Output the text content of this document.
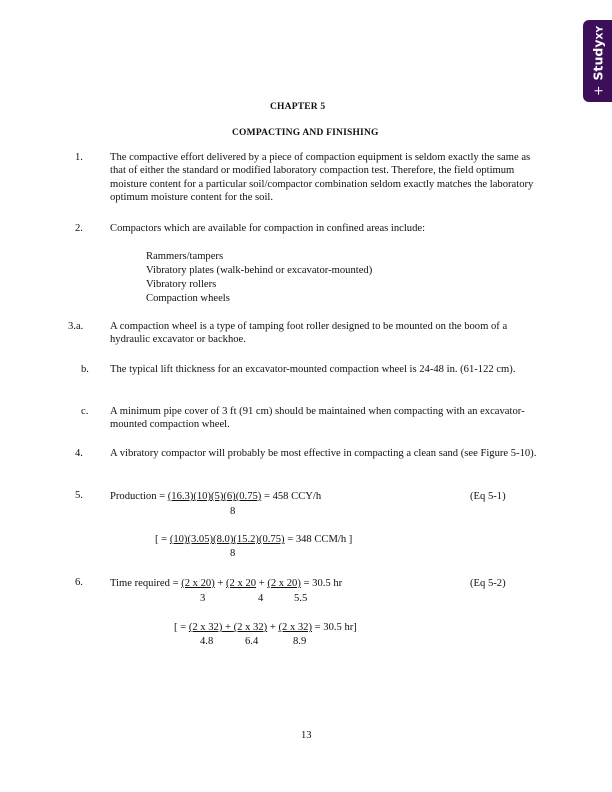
+StudyXY
CHAPTER 5
COMPACTING AND FINISHING
1.	The compactive effort delivered by a piece of compaction equipment is seldom exactly the same as that of either the standard or modified laboratory compaction test. Therefore, the field optimum moisture content for a particular soil/compactor combination seldom exactly matches the laboratory optimum moisture content for the soil.
2.	Compactors which are available for compaction in confined areas include:
Rammers/tampers
Vibratory plates (walk-behind or excavator-mounted)
Vibratory rollers
Compaction wheels
3.a.	A compaction wheel is a type of tamping foot roller designed to be mounted on the boom of a hydraulic excavator or backhoe.
b. The typical lift thickness for an excavator-mounted compaction wheel is 24-48 in. (61-122 cm).
c. A minimum pipe cover of 3 ft (91 cm) should be maintained when compacting with an excavator-mounted compaction wheel.
4.	A vibratory compactor will probably be most effective in compacting a clean sand (see Figure 5-10).
5.	Production = (16.3)(10)(5)(6)(0.75) = 458 CCY/h
8
(Eq 5-1)
[ = (10)(3.05)(8.0)(15.2)(0.75) = 348 CCM/h ]
8
6.	Time required = (2 x 20) + (2 x 20 + (2 x 20) = 30.5 hr
3	4	5.5
(Eq 5-2)
[ = (2 x 32) + (2 x 32) + (2 x 32) = 30.5 hr]
4.8	6.4	8.9
13
